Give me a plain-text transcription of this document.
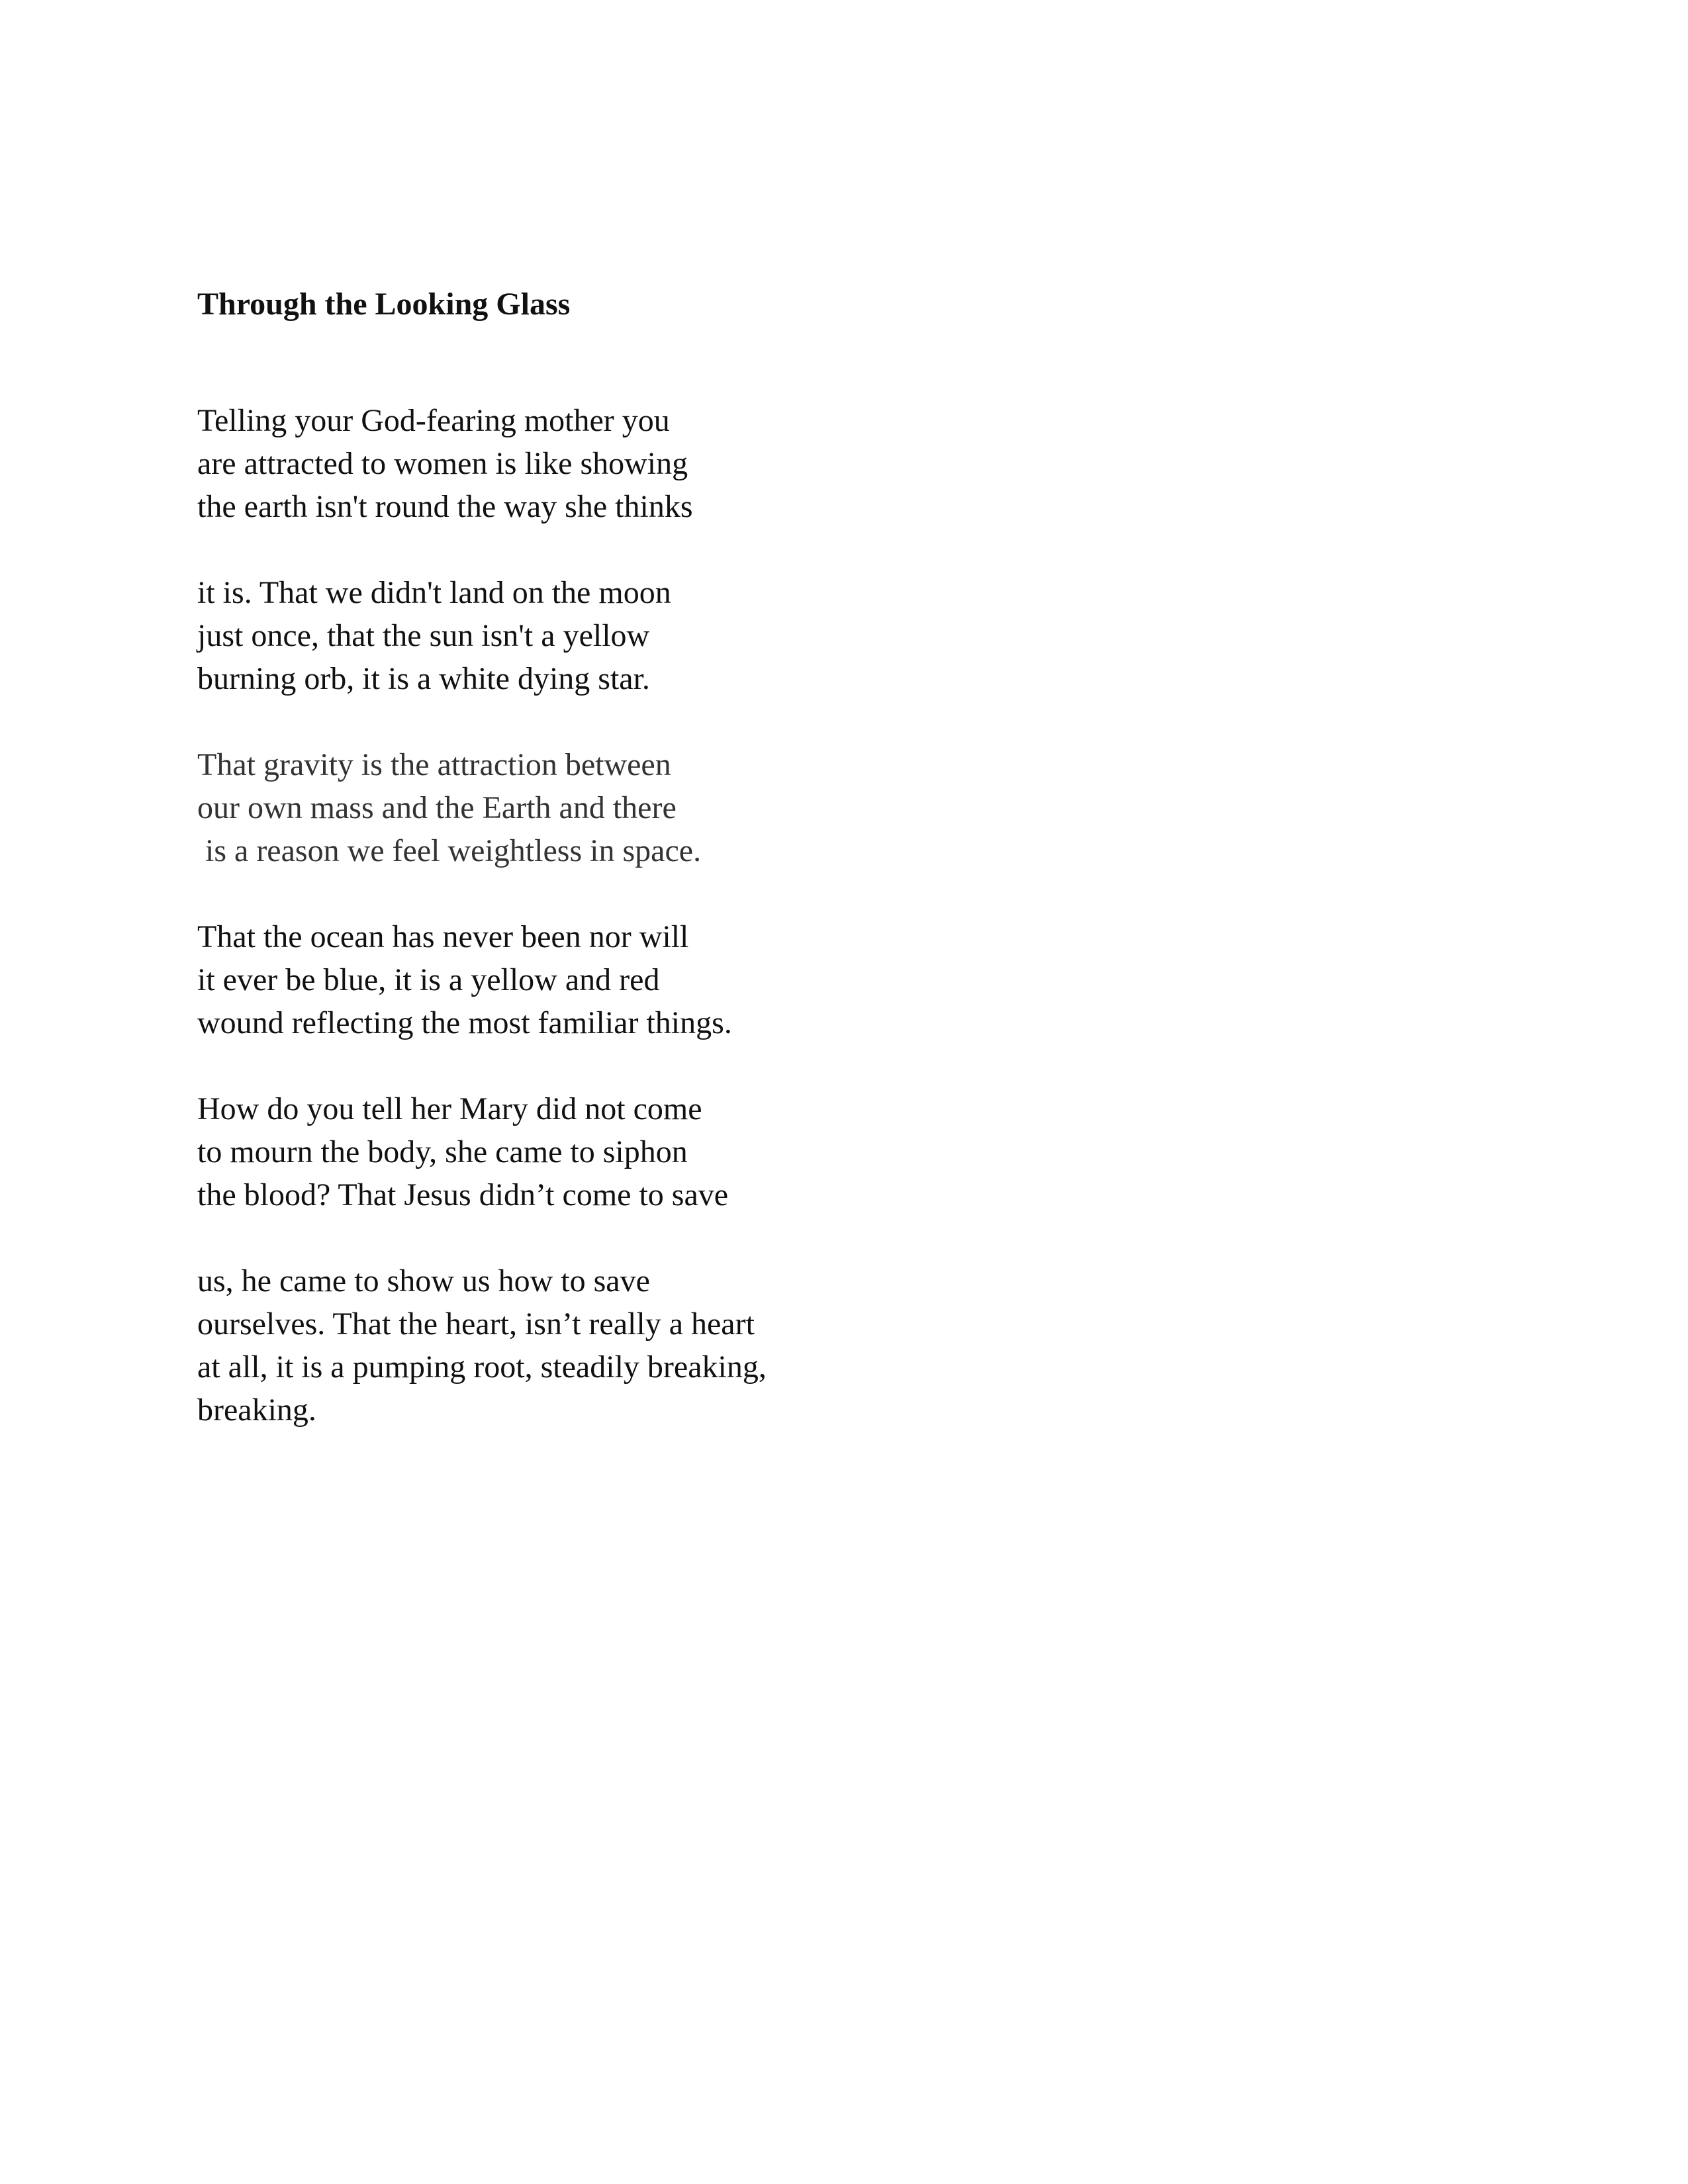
Through the Looking Glass
Telling your God-fearing mother you
are attracted to women is like showing
the earth isn't round the way she thinks
it is. That we didn't land on the moon
just once, that the sun isn't a yellow
burning orb, it is a white dying star.
That gravity is the attraction between
our own mass and the Earth and there
is a reason we feel weightless in space.
That the ocean has never been nor will
it ever be blue, it is a yellow and red
wound reflecting the most familiar things.
How do you tell her Mary did not come
to mourn the body, she came to siphon
the blood? That Jesus didn’t come to save
us, he came to show us how to save
ourselves. That the heart, isn’t really a heart
at all, it is a pumping root, steadily breaking,
breaking.
